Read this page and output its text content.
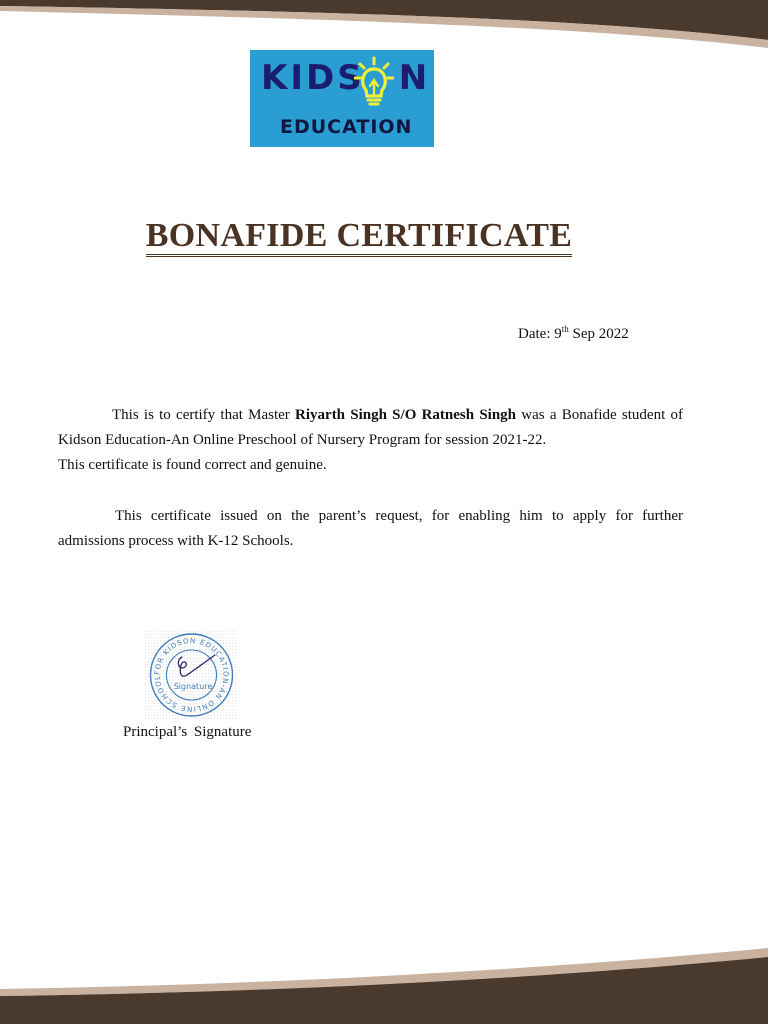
KIDS N
EDUCATION
BONAFIDE CERTIFICATE
Date: 9th Sep 2022
This is to certify that Master Riyarth Singh S/O Ratnesh Singh was a Bonafide student of Kidson Education-An Online Preschool of Nursery Program for session 2021-22.
This certificate is found correct and genuine.
This certificate issued on the parent’s request, for enabling him to apply for further
admissions process with K-12 Schools.
FOR KIDSON EDUCATION-AN ONLINE SCHOOL
Signature
Principal’s Signature
